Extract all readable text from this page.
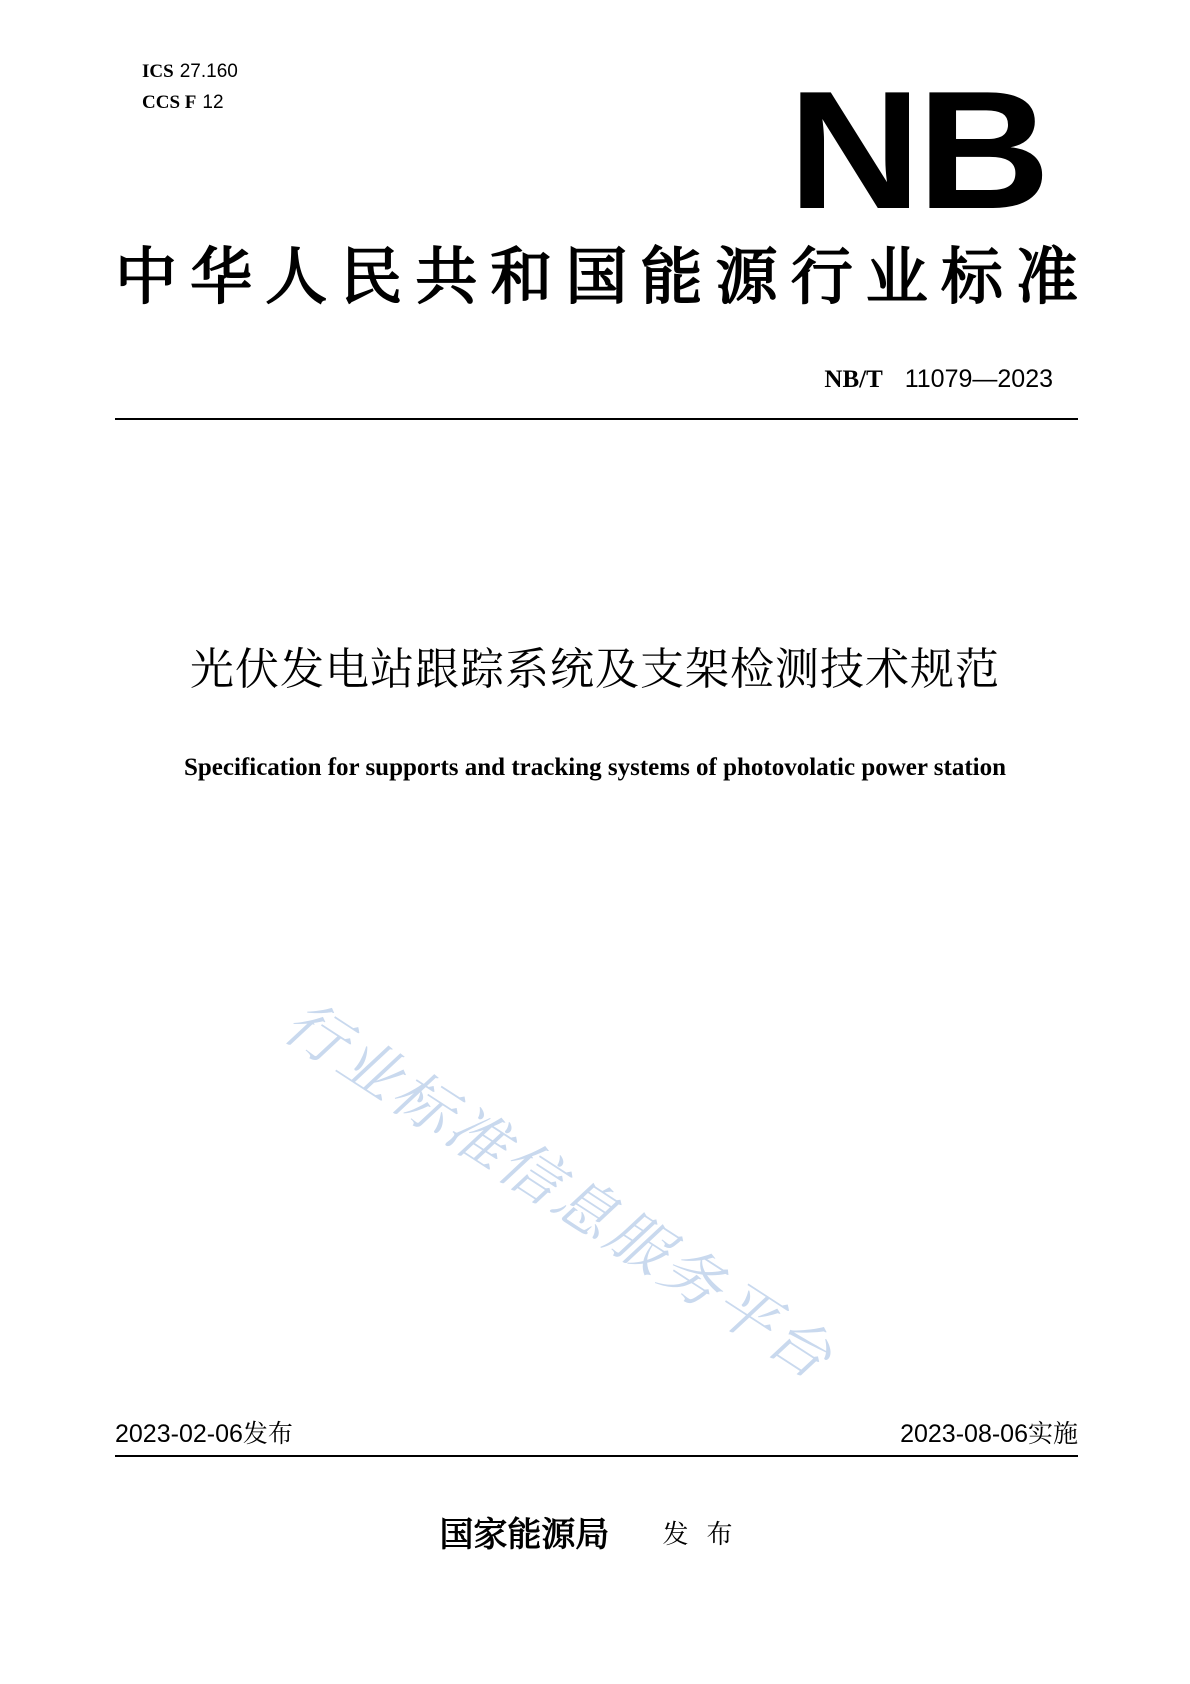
ICS 27.160
CCS F 12	NB
中 华 人 民 共 和 国 能 源 行 业 标 准
NB/T 11079—2023
光伏发电站跟踪系统及支架检测技术规范
Specification for supports and tracking systems of photovolatic power station
行业标准信息服务平台
2023-02-06发布	2023-08-06实施
国家能源局 发布
